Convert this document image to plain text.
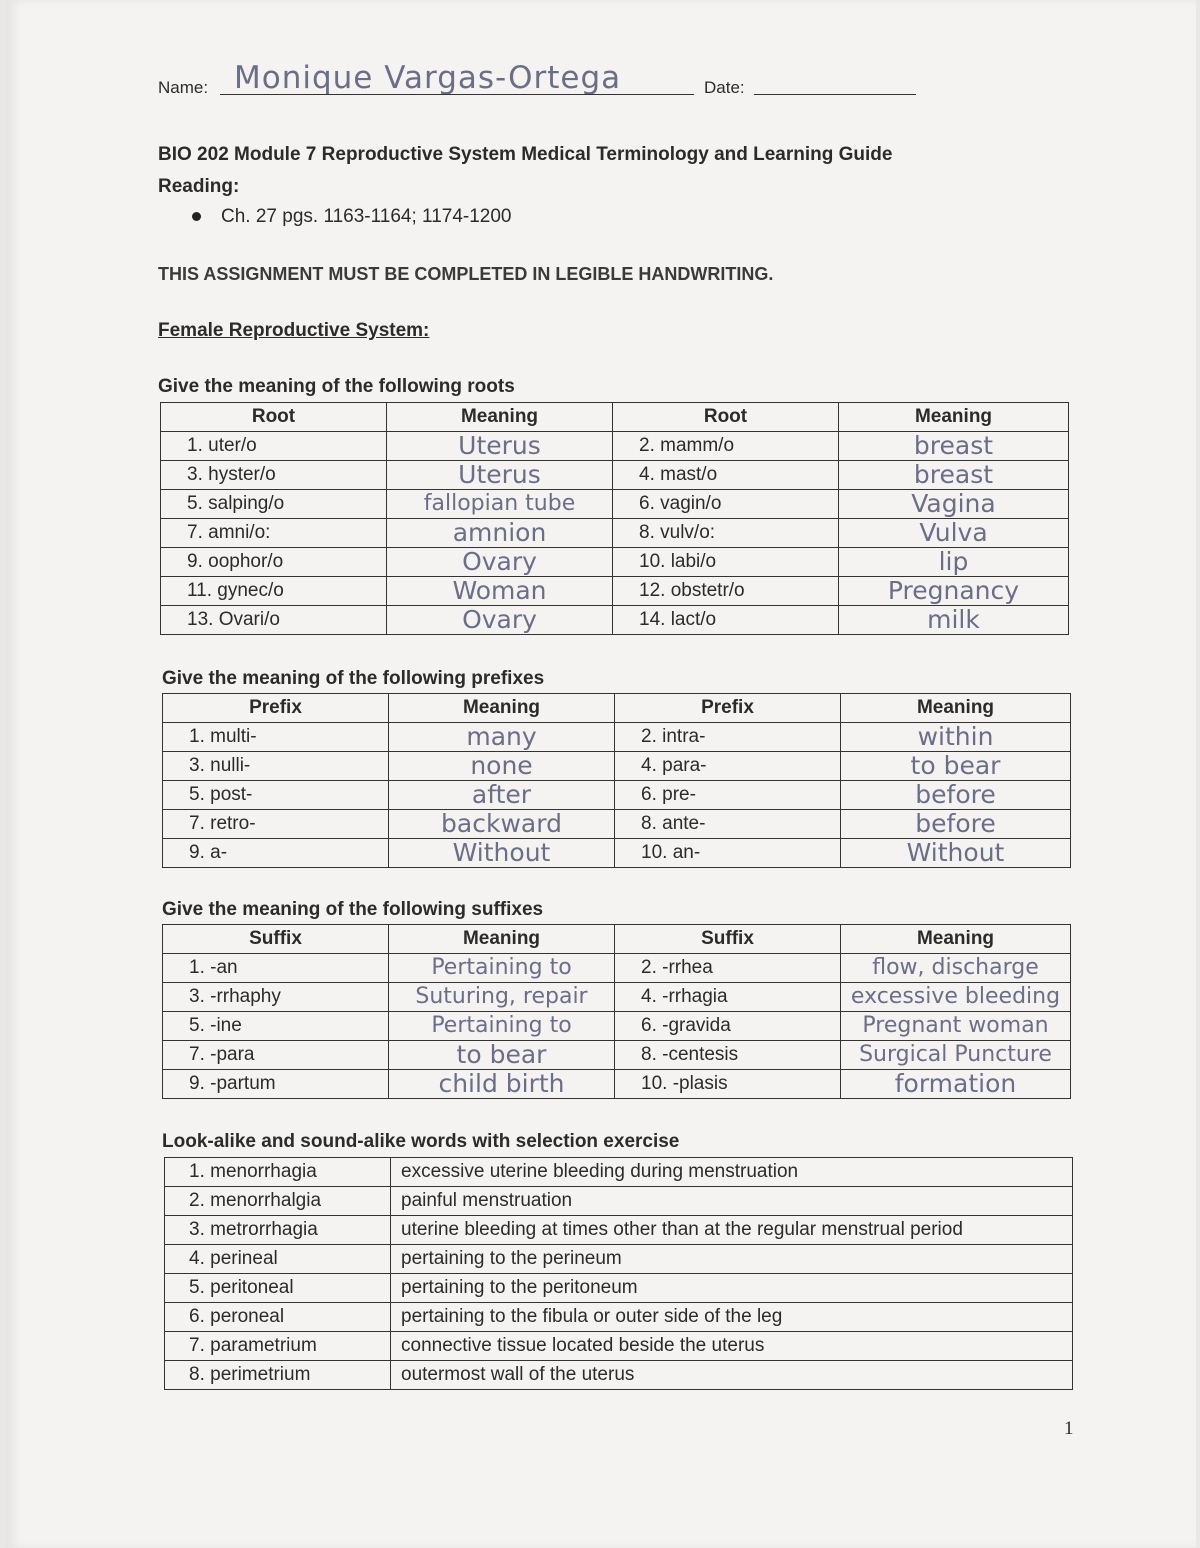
Name: Monique Vargas-Ortega	Date:
BIO 202 Module 7 Reproductive System Medical Terminology and Learning Guide
Reading:
Ch. 27 pgs. 1163-1164; 1174-1200
THIS ASSIGNMENT MUST BE COMPLETED IN LEGIBLE HANDWRITING.
Female Reproductive System:
Give the meaning of the following roots
Root	Meaning	Root	Meaning
1. uter/o	Uterus	2. mamm/o	breast
3. hyster/o	Uterus	4. mast/o	breast
5. salping/o	fallopian tube	6. vagin/o	Vagina
7. amni/o:	amnion	8. vulv/o:	Vulva
9. oophor/o	Ovary	10. labi/o	lip
11. gynec/o	Woman	12. obstetr/o	Pregnancy
13. Ovari/o	Ovary	14. lact/o	milk
Give the meaning of the following prefixes
Prefix	Meaning	Prefix	Meaning
1. multi-	many	2. intra-	within
3. nulli-	none	4. para-	to bear
5. post-	after	6. pre-	before
7. retro-	backward	8. ante-	before
9. a-	Without	10. an-	Without
Give the meaning of the following suffixes
Suffix	Meaning	Suffix	Meaning
1. -an	Pertaining to	2. -rrhea	flow, discharge
3. -rrhaphy	Suturing, repair	4. -rrhagia	excessive bleeding
5. -ine	Pertaining to	6. -gravida	Pregnant woman
7. -para	to bear	8. -centesis	Surgical Puncture
9. -partum	child birth	10. -plasis	formation
Look-alike and sound-alike words with selection exercise
1. menorrhagia	excessive uterine bleeding during menstruation
2. menorrhalgia	painful menstruation
3. metrorrhagia	uterine bleeding at times other than at the regular menstrual period
4. perineal	pertaining to the perineum
5. peritoneal	pertaining to the peritoneum
6. peroneal	pertaining to the fibula or outer side of the leg
7. parametrium	connective tissue located beside the uterus
8. perimetrium	outermost wall of the uterus
1
